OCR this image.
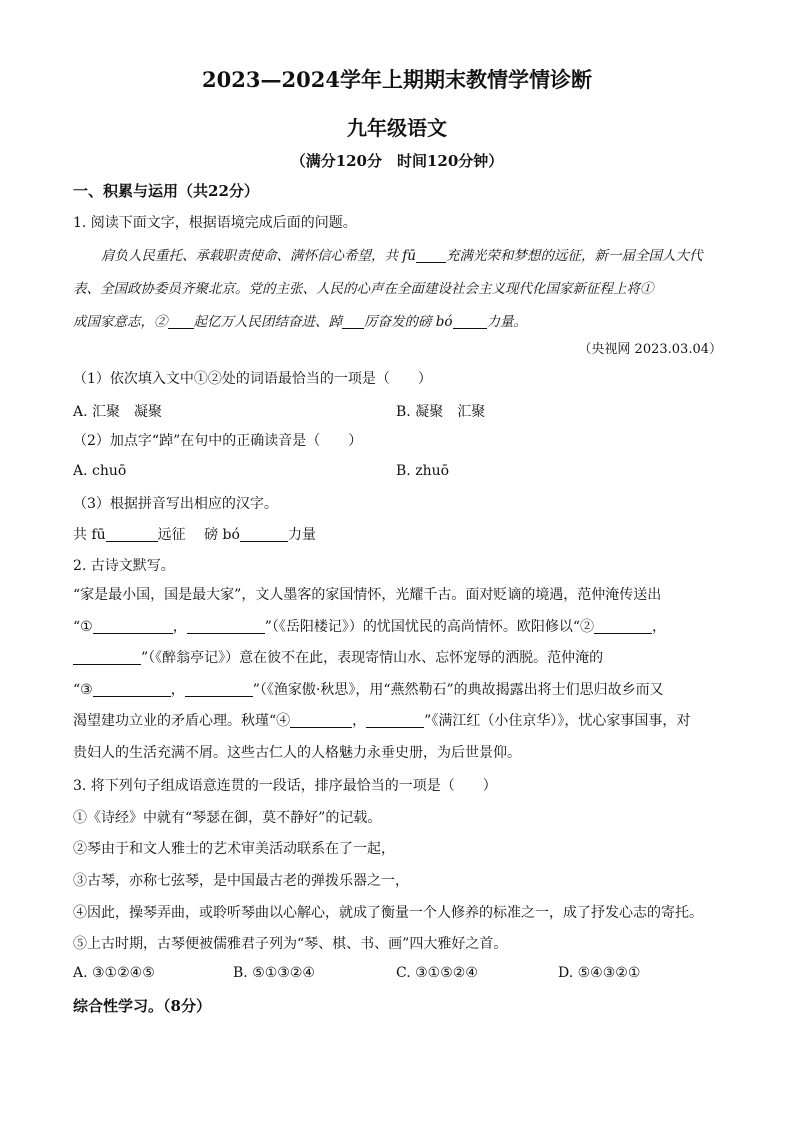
2023—2024学年上期期末教情学情诊断
九年级语文
（满分120分　时间120分钟）
一、积累与运用（共22分）
1. 阅读下面文字，根据语境完成后面的问题。
肩负人民重托、承载职责使命、满怀信心希望，共 fū 充满光荣和梦想的远征，新一届全国人大代
表、全国政协委员齐聚北京。党的主张、人民的心声在全面建设社会主义现代化国家新征程上将①
成国家意志，② 起亿万人民团结奋进、踔 厉奋发的磅 bó	力量。
（央视网 2023.03.04）
（1）依次填入文中①②处的词语最恰当的一项是（　　）
A. 汇聚　凝聚	B. 凝聚　汇聚
（2）加点字“踔”在句中的正确读音是（　　）
A. chuō	B. zhuō
（3）根据拼音写出相应的汉字。
共 fū	远征　 磅 bó	力量
2. 古诗文默写。
“家是最小国，国是最大家”，文人墨客的家国情怀，光耀千古。面对贬谪的境遇，范仲淹传送出
“①	，	”（《岳阳楼记》）的忧国忧民的高尚情怀。欧阳修以“②	，
”（《醉翁亭记》）意在彼不在此，表现寄情山水、忘怀宠辱的洒脱。范仲淹的
“③	，	”（《渔家傲·秋思》，用“燕然勒石”的典故揭露出将士们思归故乡而又
渴望建功立业的矛盾心理。秋瑾“④	，	”《满江红（小住京华）》，忧心家事国事，对
贵妇人的生活充满不屑。这些古仁人的人格魅力永垂史册，为后世景仰。
3. 将下列句子组成语意连贯的一段话，排序最恰当的一项是（　　）
①《诗经》中就有“琴瑟在御，莫不静好”的记载。
②琴由于和文人雅士的艺术审美活动联系在了一起，
③古琴，亦称七弦琴，是中国最古老的弹拨乐器之一，
④因此，操琴弄曲，或聆听琴曲以心解心，就成了衡量一个人修养的标准之一，成了抒发心志的寄托。
⑤上古时期，古琴便被儒雅君子列为“琴、棋、书、画”四大雅好之首。
A. ③①②④⑤	B. ⑤①③②④	C. ③①⑤②④	D. ⑤④③②①
综合性学习。（8分）
